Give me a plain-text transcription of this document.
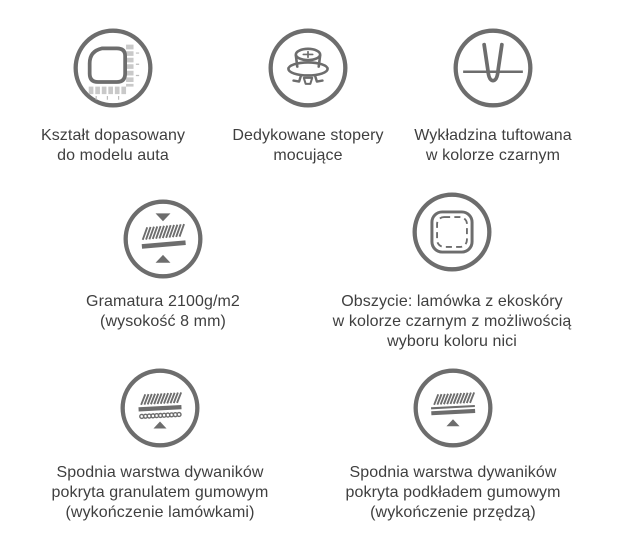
Kształt dopasowany
do modelu auta
Dedykowane stopery
mocujące
Wykładzina tuftowana
w kolorze czarnym
Gramatura 2100g/m2
(wysokość 8 mm)
Obszycie: lamówka z ekoskóry
w kolorze czarnym z możliwością
wyboru koloru nici
Spodnia warstwa dywaników
pokryta granulatem gumowym
(wykończenie lamówkami)
Spodnia warstwa dywaników
pokryta podkładem gumowym
(wykończenie przędzą)
